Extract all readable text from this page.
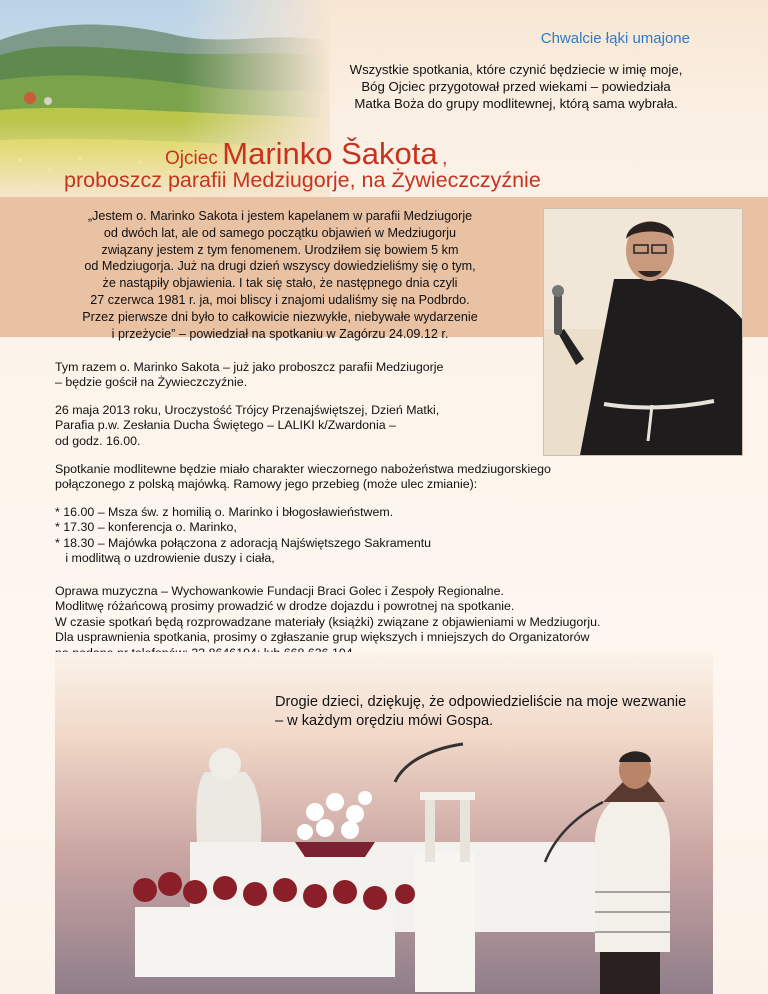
Chwalcie łąki umajone
Wszystkie spotkania, które czynić będziecie w imię moje,
Bóg Ojciec przygotował przed wiekami – powiedziała
Matka Boża do grupy modlitewnej, którą sama wybrała.
Ojciec Marinko Šakota ,
proboszcz parafii Medziugorje, na Żywieczczyźnie
„Jestem o. Marinko Sakota i jestem kapelanem w parafii Medziugorje
od dwóch lat, ale od samego początku objawień w Medziugorju
związany jestem z tym fenomenem. Urodziłem się bowiem 5 km
od Medziugorja. Już na drugi dzień wszyscy dowiedzieliśmy się o tym,
że nastąpiły objawienia. I tak się stało, że następnego dnia czyli
27 czerwca 1981 r. ja, moi bliscy i znajomi udaliśmy się na Podbrdo.
Przez pierwsze dni było to całkowicie niezwykłe, niebywałe wydarzenie
i przeżycie” – powiedział na spotkaniu w Zagórzu 24.09.12 r.
Tym razem o. Marinko Sakota – już jako proboszcz parafii Medziugorje
– będzie gościł na Żywieczczyźnie.
26 maja 2013 roku, Uroczystość Trójcy Przenajświętszej, Dzień Matki,
Parafia p.w. Zesłania Ducha Świętego – LALIKI k/Zwardonia –
od godz. 16.00.
Spotkanie modlitewne będzie miało charakter wieczornego nabożeństwa medziugorskiego
połączonego z polską majówką. Ramowy jego przebieg (może ulec zmianie):
* 16.00 – Msza św. z homilią o. Marinko i błogosławieństwem.
* 17.30 – konferencja o. Marinko,
* 18.30 – Majówka połączona z adoracją Najświętszego Sakramentu
i modlitwą o uzdrowienie duszy i ciała,
Oprawa muzyczna – Wychowankowie Fundacji Braci Golec i Zespoły Regionalne.
Modlitwę różańcową prosimy prowadzić w drodze dojazdu i powrotnej na spotkanie.
W czasie spotkań będą rozprowadzane materiały (książki) związane z objawieniami w Medziugorju.
Dla usprawnienia spotkania, prosimy o zgłaszanie grup większych i mniejszych do Organizatorów
Drogie dzieci, dziękuję, że odpowiedzieliście na moje wezwanie
– w każdym orędziu mówi Gospa.
